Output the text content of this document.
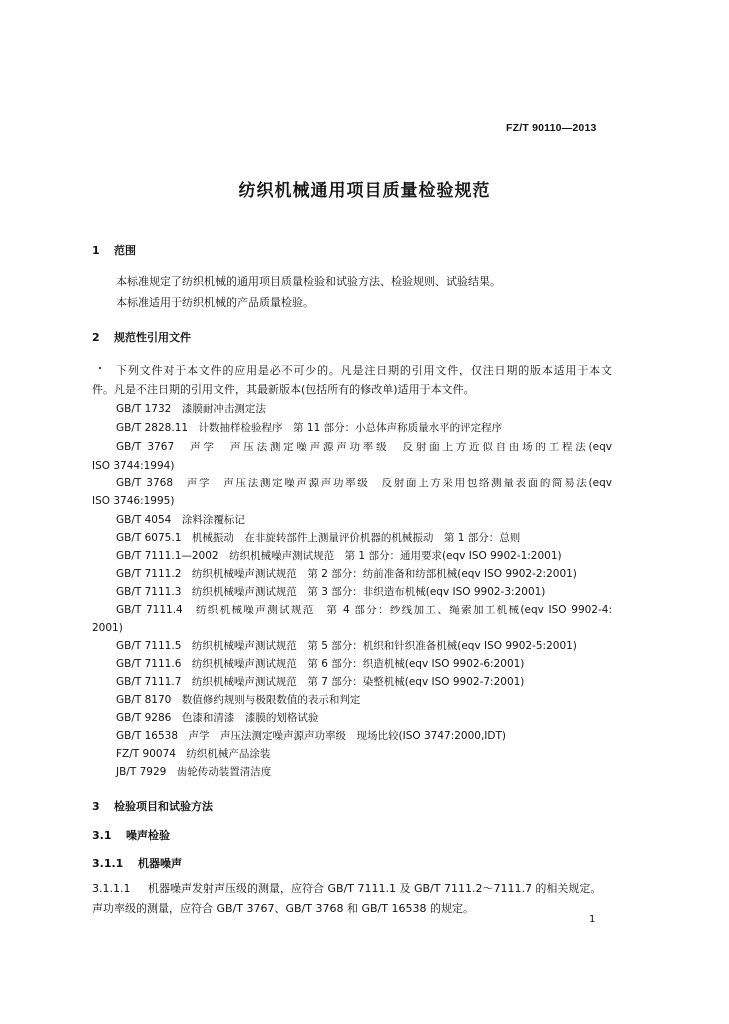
FZ/T 90110—2013
纺织机械通用项目质量检验规范
1 范围
本标准规定了纺织机械的通用项目质量检验和试验方法、检验规则、试验结果。
本标准适用于纺织机械的产品质量检验。
2 规范性引用文件
下列文件对于本文件的应用是必不可少的。凡是注日期的引用文件，仅注日期的版本适用于本文
件。凡是不注日期的引用文件，其最新版本(包括所有的修改单)适用于本文件。
GB/T 1732　漆膜耐冲击测定法
GB/T 2828.11　计数抽样检验程序　第 11 部分：小总体声称质量水平的评定程序
GB/T 3767　声学　声压法测定噪声源声功率级　反射面上方近似自由场的工程法(eqv
ISO 3744:1994)
GB/T 3768　声学　声压法测定噪声源声功率级　反射面上方采用包络测量表面的简易法(eqv
ISO 3746:1995)
GB/T 4054　涂料涂覆标记
GB/T 6075.1　机械振动　在非旋转部件上测量评价机器的机械振动　第 1 部分：总则
GB/T 7111.1—2002　纺织机械噪声测试规范　第 1 部分：通用要求(eqv ISO 9902-1:2001)
GB/T 7111.2　纺织机械噪声测试规范　第 2 部分：纺前准备和纺部机械(eqv ISO 9902-2:2001)
GB/T 7111.3　纺织机械噪声测试规范　第 3 部分：非织造布机械(eqv ISO 9902-3:2001)
GB/T 7111.4　纺织机械噪声测试规范　第 4 部分：纱线加工、绳索加工机械(eqv ISO 9902-4:
2001)
GB/T 7111.5　纺织机械噪声测试规范　第 5 部分：机织和针织准备机械(eqv ISO 9902-5:2001)
GB/T 7111.6　纺织机械噪声测试规范　第 6 部分：织造机械(eqv ISO 9902-6:2001)
GB/T 7111.7　纺织机械噪声测试规范　第 7 部分：染整机械(eqv ISO 9902-7:2001)
GB/T 8170　数值修约规则与极限数值的表示和判定
GB/T 9286　色漆和清漆　漆膜的划格试验
GB/T 16538　声学　声压法测定噪声源声功率级　现场比较(ISO 3747:2000,IDT)
FZ/T 90074　纺织机械产品涂装
JB/T 7929　齿轮传动装置清洁度
3 检验项目和试验方法
3.1 噪声检验
3.1.1 机器噪声
3.1.1.1 机器噪声发射声压级的测量，应符合 GB/T 7111.1 及 GB/T 7111.2～7111.7 的相关规定。
声功率级的测量，应符合 GB/T 3767、GB/T 3768 和 GB/T 16538 的规定。
1
